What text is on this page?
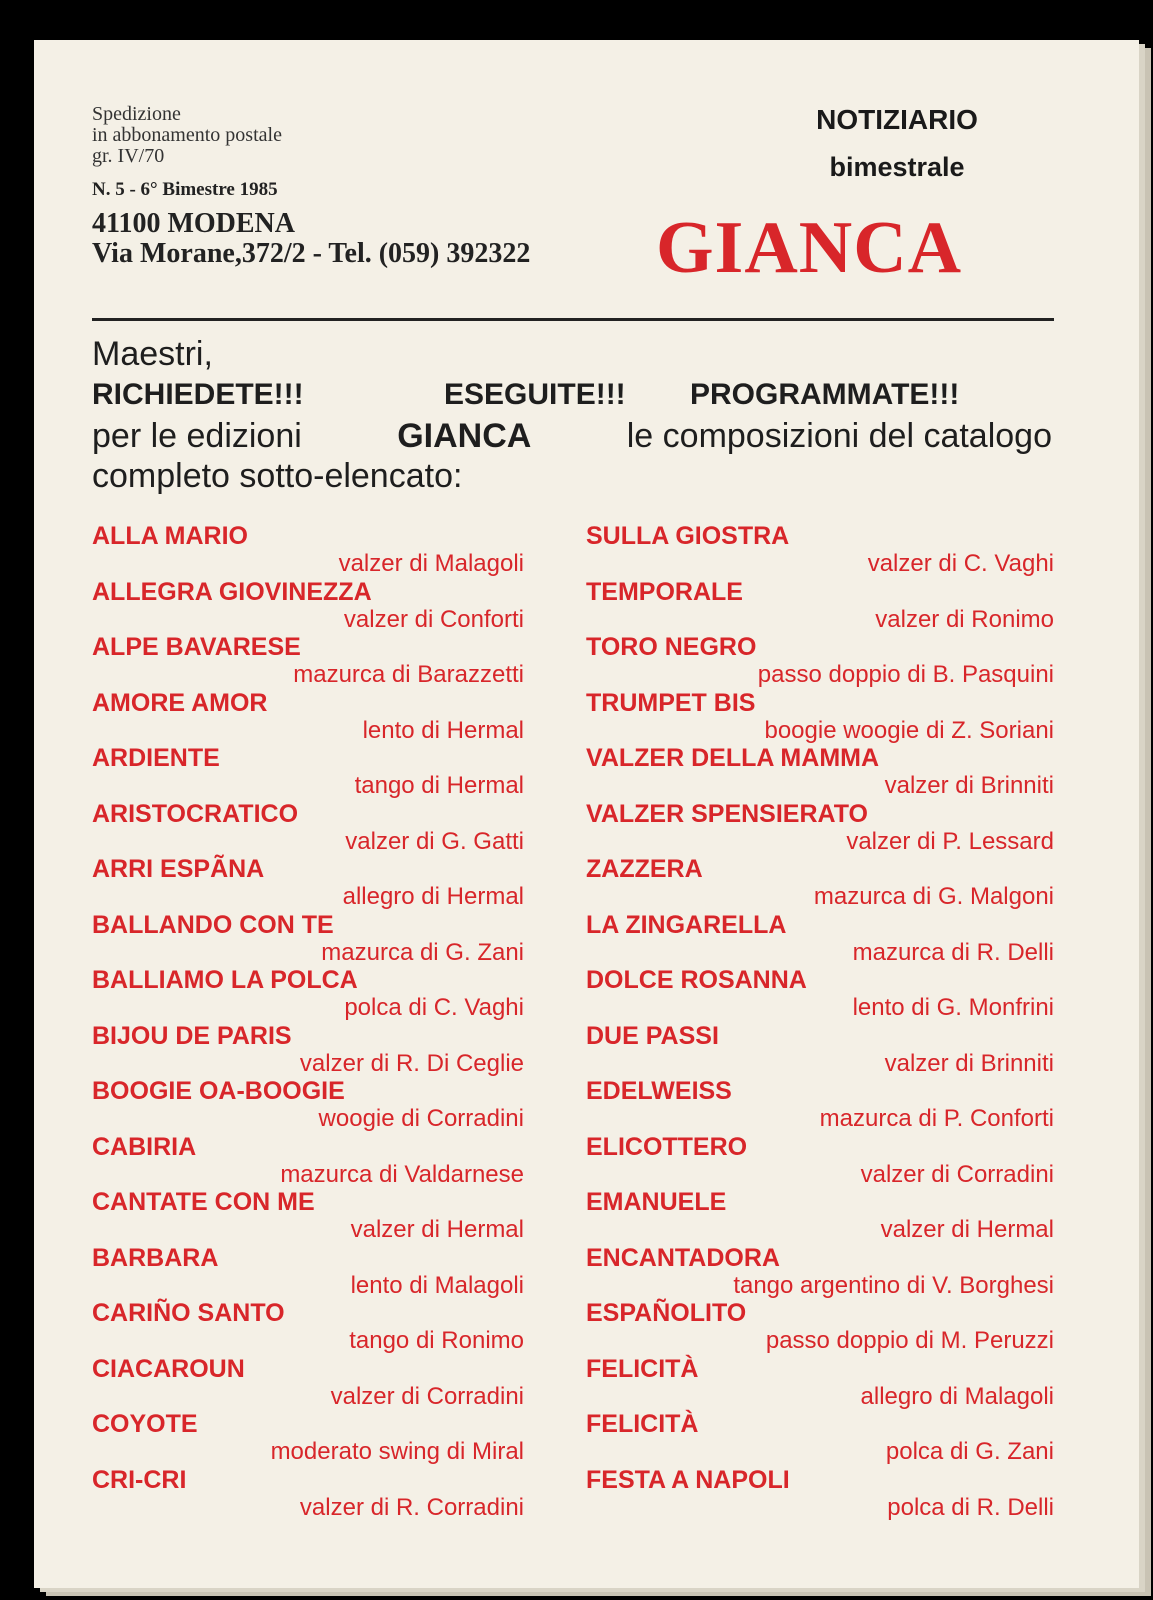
Spedizione
in abbonamento postale
gr. IV/70
N. 5 - 6° Bimestre 1985
41100 MODENA
Via Morane,372/2 - Tel. (059) 392322
NOTIZIARIO
bimestrale
GIANCA
Maestri,
RICHIEDETE!!!	ESEGUITE!!!	PROGRAMMATE!!!
per le edizioni	GIANCA	le composizioni del catalogo
completo sotto-elencato:
ALLA MARIO
valzer di Malagoli
ALLEGRA GIOVINEZZA
valzer di Conforti
ALPE BAVARESE
mazurca di Barazzetti
AMORE AMOR
lento di Hermal
ARDIENTE
tango di Hermal
ARISTOCRATICO
valzer di G. Gatti
ARRI ESPÃNA
allegro di Hermal
BALLANDO CON TE
mazurca di G. Zani
BALLIAMO LA POLCA
polca di C. Vaghi
BIJOU DE PARIS
valzer di R. Di Ceglie
BOOGIE OA-BOOGIE
woogie di Corradini
CABIRIA
mazurca di Valdarnese
CANTATE CON ME
valzer di Hermal
BARBARA
lento di Malagoli
CARIÑO SANTO
tango di Ronimo
CIACAROUN
valzer di Corradini
COYOTE
moderato swing di Miral
CRI-CRI
valzer di R. Corradini
SULLA GIOSTRA
valzer di C. Vaghi
TEMPORALE
valzer di Ronimo
TORO NEGRO
passo doppio di B. Pasquini
TRUMPET BIS
boogie woogie di Z. Soriani
VALZER DELLA MAMMA
valzer di Brinniti
VALZER SPENSIERATO
valzer di P. Lessard
ZAZZERA
mazurca di G. Malgoni
LA ZINGARELLA
mazurca di R. Delli
DOLCE ROSANNA
lento di G. Monfrini
DUE PASSI
valzer di Brinniti
EDELWEISS
mazurca di P. Conforti
ELICOTTERO
valzer di Corradini
EMANUELE
valzer di Hermal
ENCANTADORA
tango argentino di V. Borghesi
ESPAÑOLITO
passo doppio di M. Peruzzi
FELICITÀ
allegro di Malagoli
FELICITÀ
polca di G. Zani
FESTA A NAPOLI
polca di R. Delli
